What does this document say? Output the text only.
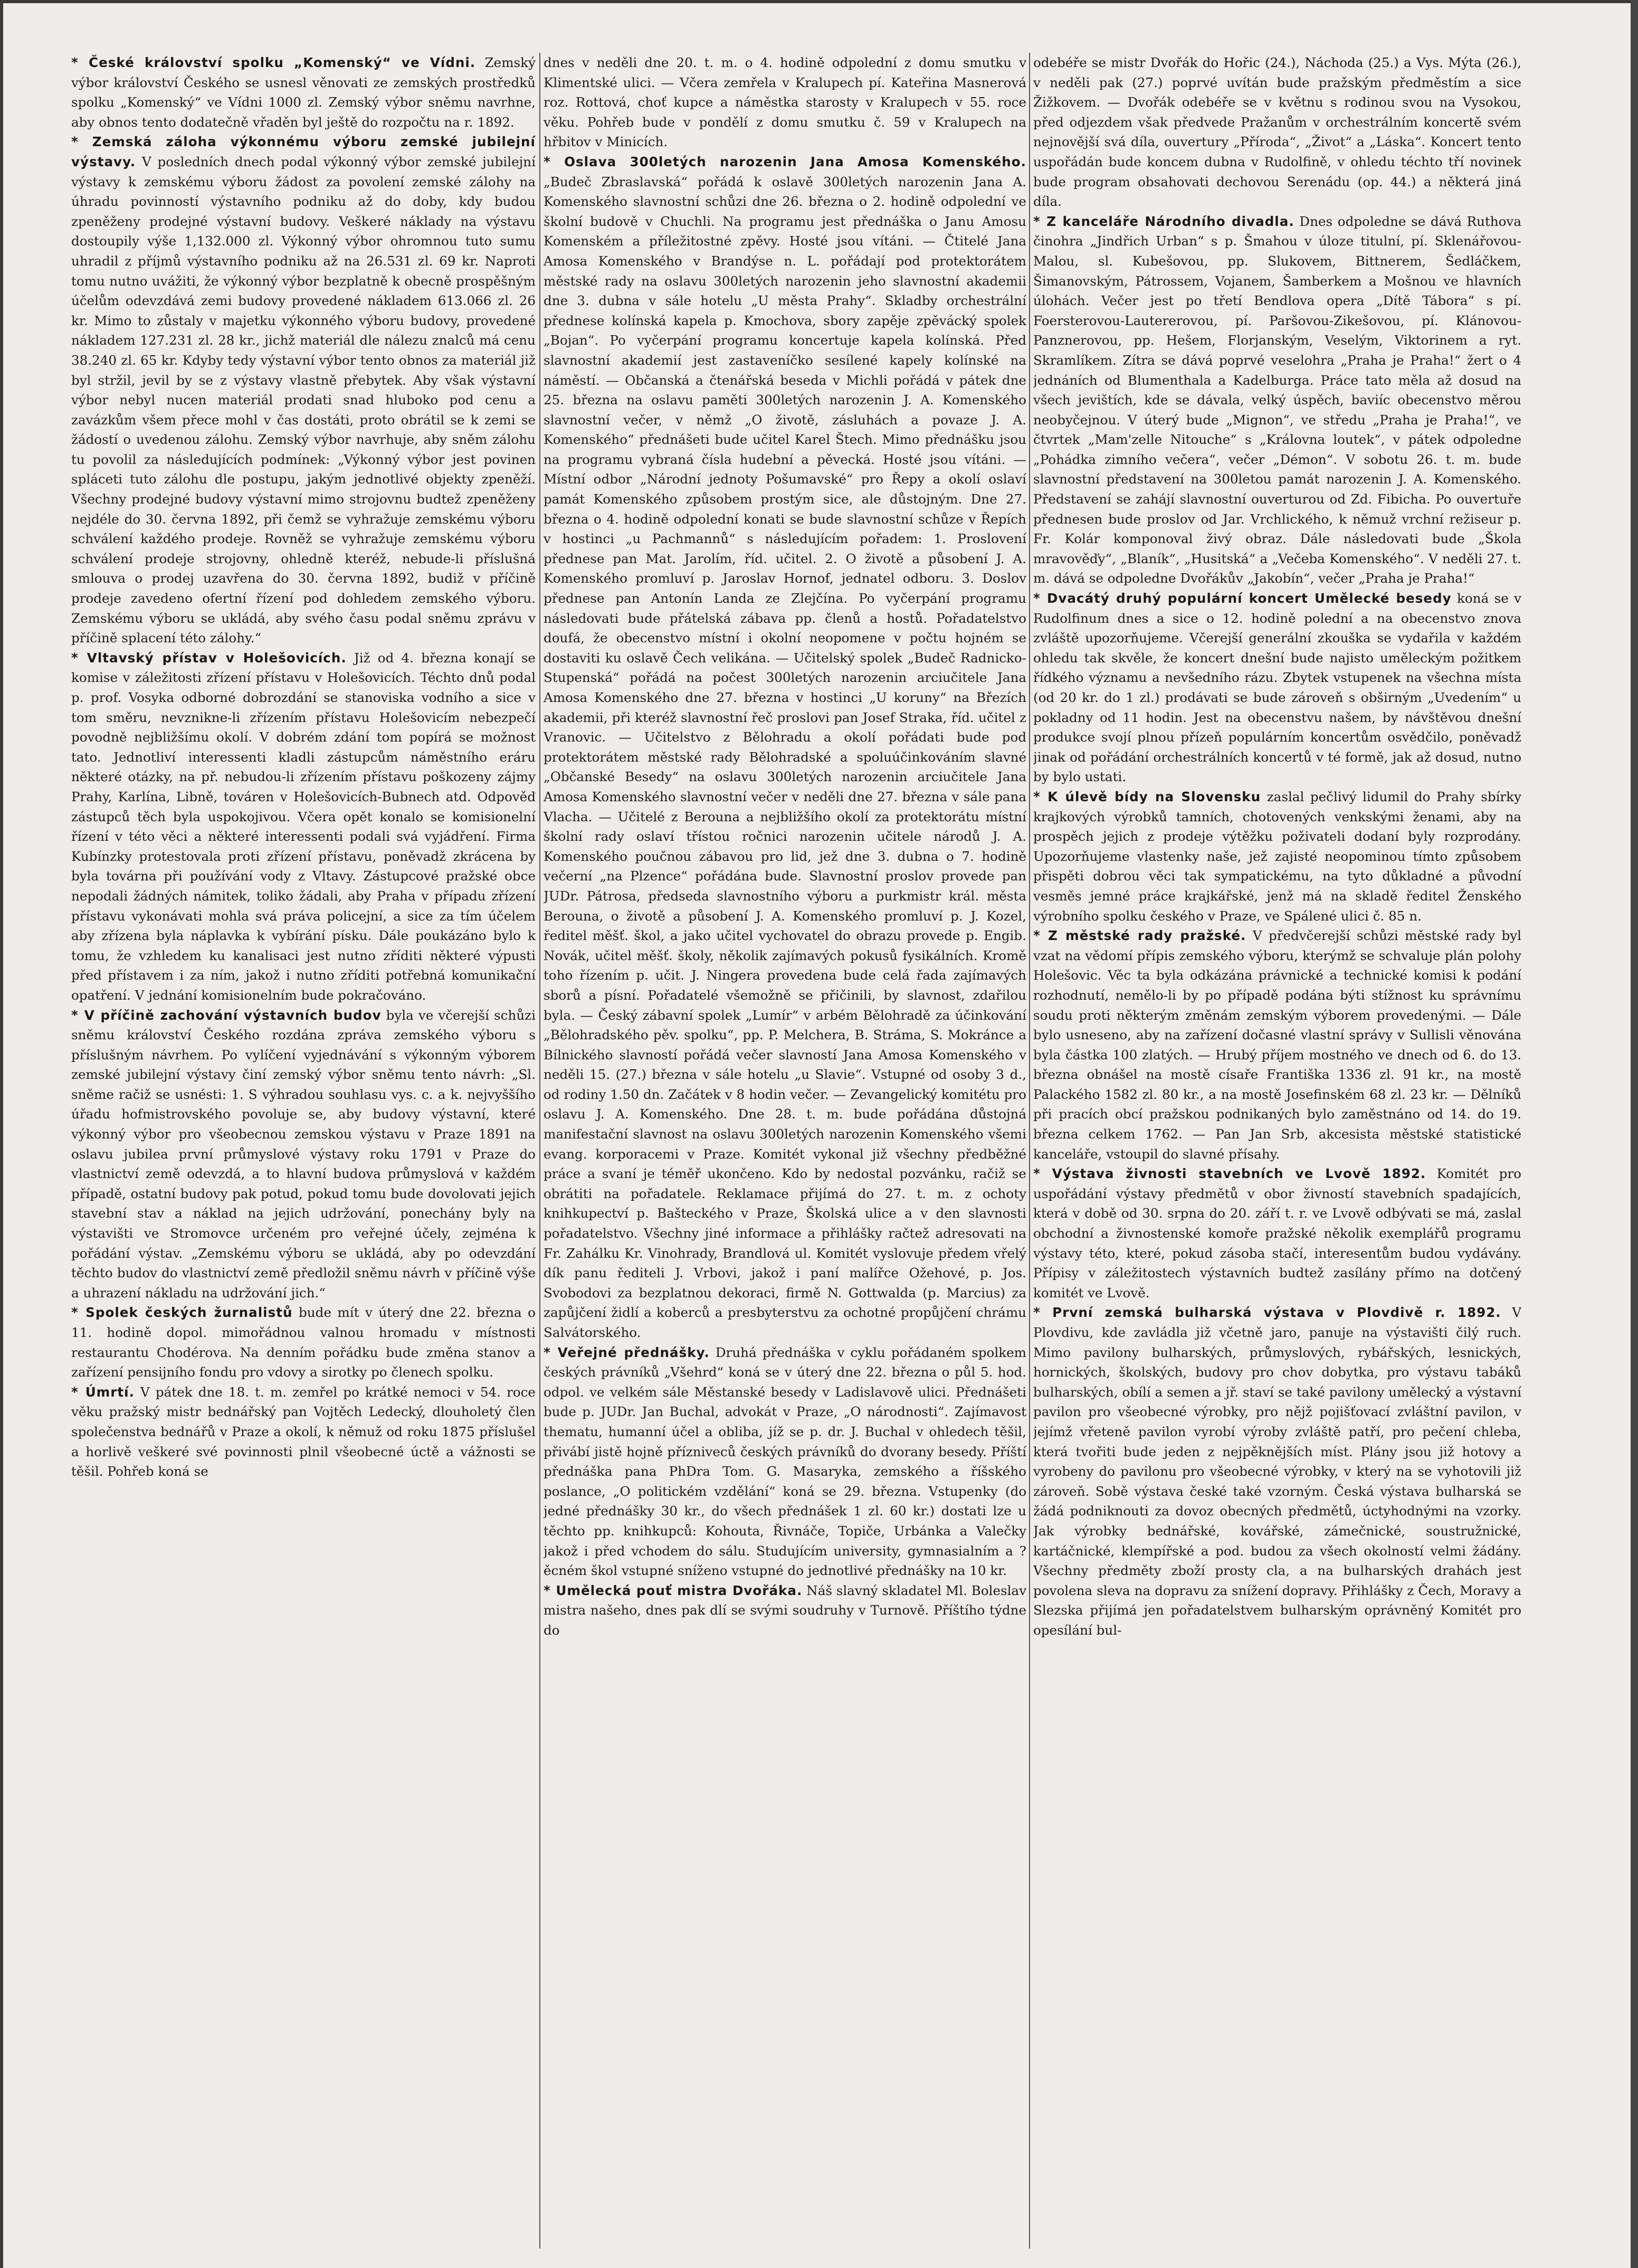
* České království spolku „Komenský“ ve Vídni. Zemský výbor království Českého se usnesl věnovati ze zemských prostředků spolku „Komenský“ ve Vídni 1000 zl. Zemský výbor sněmu navrhne, aby obnos tento dodatečně vřaděn byl ještě do rozpočtu na r. 1892.

* Zemská záloha výkonnému výboru zemské jubilejní výstavy. V posledních dnech podal výkonný výbor zemské jubilejní výstavy k zemskému výboru žádost za povolení zemské zálohy na úhradu povinností výstavního podniku až do doby, kdy budou zpeněženy prodejné výstavní budovy. Veškeré náklady na výstavu dostoupily výše 1,132.000 zl. Výkonný výbor ohromnou tuto sumu uhradil z příjmů výstavního podniku až na 26.531 zl. 69 kr. Naproti tomu nutno uvážiti, že výkonný výbor bezplatně k obecně prospěšným účelům odevzdává zemi budovy provedené nákladem 613.066 zl. 26 kr. Mimo to zůstaly v majetku výkonného výboru budovy, provedené nákladem 127.231 zl. 28 kr., jichž materiál dle nálezu znalců má cenu 38.240 zl. 65 kr. Kdyby tedy výstavní výbor tento obnos za materiál již byl stržil, jevil by se z výstavy vlastně přebytek. Aby však výstavní výbor nebyl nucen materiál prodati snad hluboko pod cenu a zavázkům všem přece mohl v čas dostáti, proto obrátil se k zemi se žádostí o uvedenou zálohu. Zemský výbor navrhuje, aby sněm zálohu tu povolil za následujících podmínek: „Výkonný výbor jest povinen spláceti tuto zálohu dle postupu, jakým jednotlivé objekty zpeněží. Všechny prodejné budovy výstavní mimo strojovnu budtež zpeněženy nejdéle do 30. června 1892, při čemž se vyhražuje zemskému výboru schválení každého prodeje. Rovněž se vyhražuje zemskému výboru schválení prodeje strojovny, ohledně kteréž, nebude-li příslušná smlouva o prodej uzavřena do 30. června 1892, budiž v příčině prodeje zavedeno ofertní řízení pod dohledem zemského výboru. Zemskému výboru se ukládá, aby svého času podal sněmu zprávu v příčině splacení této zálohy.“

* Vltavský přístav v Holešovicích. Již od 4. března konají se komise v záležitosti zřízení přístavu v Holešovicích. Téchto dnů podal p. prof. Vosyka odborné dobrozdání se stanoviska vodního a sice v tom směru, nevznikne-li zřízením přístavu Holešovicím nebezpečí povodně nejbližšímu okolí. V dobrém zdání tom popírá se možnost tato. Jednotliví interessenti kladli zástupcům náměstního eráru některé otázky, na př. nebudou-li zřízením přístavu poškozeny zájmy Prahy, Karlína, Libně, továren v Holešovicích-Bubnech atd. Odpověď zástupců těch byla uspokojivou. Včera opět konalo se komisionelní řízení v této věci a některé interessenti podali svá vyjádření. Firma Kubínzky protestovala proti zřízení přístavu, poněvadž zkrácena by byla továrna při používání vody z Vltavy. Zástupcové pražské obce nepodali žádných námitek, toliko žádali, aby Praha v případu zřízení přístavu vykonávati mohla svá práva policejní, a sice za tím účelem aby zřízena byla náplavka k vybírání písku. Dále poukázáno bylo k tomu, že vzhledem ku kanalisaci jest nutno zříditi některé výpusti před přístavem i za ním, jakož i nutno zříditi potřebná komunikační opatření. V jednání komisionelním bude pokračováno.

* V příčině zachování výstavních budov byla ve včerejší schůzi sněmu království Českého rozdána zpráva zemského výboru s příslušným návrhem. Po vylíčení vyjednávání s výkonným výborem zemské jubilejní výstavy činí zemský výbor sněmu tento návrh: „Sl. sněme račiž se usnésti: 1. S výhradou souhlasu vys. c. a k. nejvyššího úřadu hofmistrovského povoluje se, aby budovy výstavní, které výkonný výbor pro všeobecnou zemskou výstavu v Praze 1891 na oslavu jubilea první průmyslové výstavy roku 1791 v Praze do vlastnictví země odevzdá, a to hlavní budova průmyslová v každém případě, ostatní budovy pak potud, pokud tomu bude dovolovati jejich stavební stav a náklad na jejich udržování, ponechány byly na výstavišti ve Stromovce určeném pro veřejné účely, zejména k pořádání výstav. „Zemskému výboru se ukládá, aby po odevzdání těchto budov do vlastnictví země předložil sněmu návrh v příčině výše a uhrazení nákladu na udržování jich.“

* Spolek českých žurnalistů bude mít v úterý dne 22. března o 11. hodině dopol. mimořádnou valnou hromadu v místnosti restaurantu Chodérova. Na denním pořádku bude změna stanov a zařízení pensijního fondu pro vdovy a sirotky po členech spolku.

* Úmrtí. V pátek dne 18. t. m. zemřel po krátké nemoci v 54. roce věku pražský mistr bednářský pan Vojtěch Ledecký, dlouholetý člen společenstva bednářů v Praze a okolí, k němuž od roku 1875 příslušel a horlivě veškeré své povinnosti plnil všeobecné úctě a vážnosti se těšil. Pohřeb koná se

dnes v neděli dne 20. t. m. o 4. hodině odpolední z domu smutku v Klimentské ulici. — Včera zemřela v Kralupech pí. Kateřina Masnerová roz. Rottová, choť kupce a náměstka starosty v Kralupech v 55. roce věku. Pohřeb bude v pondělí z domu smutku č. 59 v Kralupech na hřbitov v Minicích.

* Oslava 300letých narozenin Jana Amosa Komenského. „Budeč Zbraslavská“ pořádá k oslavě 300letých narozenin Jana A. Komenského slavnostní schůzi dne 26. března o 2. hodině odpolední ve školní budově v Chuchli. Na programu jest přednáška o Janu Amosu Komenském a příležitostné zpěvy. Hosté jsou vítáni. — Čtitelé Jana Amosa Komenského v Brandýse n. L. pořádají pod protektorátem městské rady na oslavu 300letých narozenin jeho slavnostní akademii dne 3. dubna v sále hotelu „U města Prahy“. Skladby orchestrální přednese kolínská kapela p. Kmochova, sbory zapěje zpěvácký spolek „Bojan“. Po vyčerpání programu koncertuje kapela kolínská. Před slavnostní akademií jest zastaveníčko sesílené kapely kolínské na náměstí. — Občanská a čtenářská beseda v Michli pořádá v pátek dne 25. března na oslavu paměti 300letých narozenin J. A. Komenského slavnostní večer, v němž „O životě, zásluhách a povaze J. A. Komenského“ přednášeti bude učitel Karel Štech. Mimo přednášku jsou na programu vybraná čísla hudební a pěvecká. Hosté jsou vítáni. — Místní odbor „Národní jednoty Pošumavské“ pro Řepy a okolí oslaví památ Komenského způsobem prostým sice, ale důstojným. Dne 27. března o 4. hodině odpolední konati se bude slavnostní schůze v Řepích v hostinci „u Pachmannů“ s následujícím pořadem: 1. Proslovení přednese pan Mat. Jarolím, říd. učitel. 2. O životě a působení J. A. Komenského promluví p. Jaroslav Hornof, jednatel odboru. 3. Doslov přednese pan Antonín Landa ze Zlejčína. Po vyčerpání programu následovati bude přátelská zábava pp. členů a hostů. Pořadatelstvo doufá, že obecenstvo místní i okolní neopomene v počtu hojném se dostaviti ku oslavě Čech velikána. — Učitelský spolek „Budeč Radnicko-Stupenská“ pořádá na počest 300letých narozenin arciučitele Jana Amosa Komenského dne 27. března v hostinci „U koruny“ na Březích akademii, při kteréž slavnostní řeč proslovi pan Josef Straka, říd. učitel z Vranovic. — Učitelstvo z Bělohradu a okolí pořádati bude pod protektorátem městské rady Bělohradské a spoluúčinkováním slavné „Občanské Besedy“ na oslavu 300letých narozenin arciučitele Jana Amosa Komenského slavnostní večer v neděli dne 27. března v sále pana Vlacha. — Učitelé z Berouna a nejbližšího okolí za protektorátu místní školní rady oslaví třístou ročnici narozenin učitele národů J. A. Komenského poučnou zábavou pro lid, jež dne 3. dubna o 7. hodině večerní „na Plzence“ pořádána bude. Slavnostní proslov provede pan JUDr. Pátrosa, předseda slavnostního výboru a purkmistr král. města Berouna, o životě a působení J. A. Komenského promluví p. J. Kozel, ředitel měšť. škol, a jako učitel vychovatel do obrazu provede p. Engib. Novák, učitel měšť. školy, několik zajímavých pokusů fysikálních. Kromě toho řízením p. učit. J. Ningera provedena bude celá řada zajímavých sborů a písní. Pořadatelé všemožně se přičinili, by slavnost, zdařilou byla. — Český zábavní spolek „Lumír“ v arbém Bělohradě za účinkování „Bělohradského pěv. spolku“, pp. P. Melchera, B. Stráma, S. Mokránce a Bílnického slavností pořádá večer slavností Jana Amosa Komenského v neděli 15. (27.) března v sále hotelu „u Slavie“. Vstupné od osoby 3 d., od rodiny 1.50 dn. Začátek v 8 hodin večer. — Zevangelický komitétu pro oslavu J. A. Komenského. Dne 28. t. m. bude pořádána důstojná manifestační slavnost na oslavu 300letých narozenin Komenského všemi evang. korporacemi v Praze. Komitét vykonal již všechny předběžné práce a svaní je téměř ukončeno. Kdo by nedostal pozvánku, račiž se obrátiti na pořadatele. Reklamace přijímá do 27. t. m. z ochoty knihkupectví p. Bašteckého v Praze, Školská ulice a v den slavnosti pořadatelstvo. Všechny jiné informace a přihlášky račtež adresovati na Fr. Zahálku Kr. Vinohrady, Brandlová ul. Komitét vyslovuje předem vřelý dík panu řediteli J. Vrbovi, jakož i paní malířce Ožehové, p. Jos. Svobodovi za bezplatnou dekoraci, firmě N. Gottwalda (p. Marcius) za zapůjčení židlí a koberců a presbyterstvu za ochotné propůjčení chrámu Salvátorského.

* Veřejné přednášky. Druhá přednáška v cyklu pořádaném spolkem českých právníků „Všehrd“ koná se v úterý dne 22. března o půl 5. hod. odpol. ve velkém sále Městanské besedy v Ladislavově ulici. Přednášeti bude p. JUDr. Jan Buchal, advokát v Praze, „O národnosti“. Zajímavost thematu, humanní účel a obliba, jíž se p. dr. J. Buchal v ohledech těšil, přivábí jistě hojně přízniveců českých právníků do dvorany besedy. Příští přednáška pana PhDra Tom. G. Masaryka, zemského a říšského poslance, „O politickém vzdělání“ koná se 29. března. Vstupenky (do jedné přednášky 30 kr., do všech přednášek 1 zl. 60 kr.) dostati lze u těchto pp. knihkupců: Kohouta, Řivnáče, Topiče, Urbánka a Valečky jakož i před vchodem do sálu. Studujícím university, gymnasialním a ?ěcném škol vstupné sníženo vstupné do jednotlivé přednášky na 10 kr.

* Umělecká pouť mistra Dvořáka. Náš slavný skladatel Ml. Boleslav mistra našeho, dnes pak dlí se svými soudruhy v Turnově. Příštího týdne do

odebéře se mistr Dvořák do Hořic (24.), Náchoda (25.) a Vys. Mýta (26.), v neděli pak (27.) poprvé uvítán bude pražským předměstím a sice Žižkovem. — Dvořák odebéře se v květnu s rodinou svou na Vysokou, před odjezdem však předvede Pražanům v orchestrálním koncertě svém nejnovější svá díla, ouvertury „Příroda“, „Život“ a „Láska“. Koncert tento uspořádán bude koncem dubna v Rudolfině, v ohledu téchto tří novinek bude program obsahovati dechovou Serenádu (op. 44.) a některá jiná díla.

* Z kanceláře Národního divadla. Dnes odpoledne se dává Ruthova činohra „Jindřich Urban“ s p. Šmahou v úloze titulní, pí. Sklenářovou-Malou, sl. Kubešovou, pp. Slukovem, Bittnerem, Šedláčkem, Šimanovským, Pátrossem, Vojanem, Šamberkem a Mošnou ve hlavních úlohách. Večer jest po třetí Bendlova opera „Dítě Tábora“ s pí. Foersterovou-Lautererovou, pí. Paršovou-Zikešovou, pí. Klánovou-Panznerovou, pp. Hešem, Florjanským, Veselým, Viktorinem a ryt. Skramlíkem. Zítra se dává poprvé veselohra „Praha je Praha!“ žert o 4 jednáních od Blumenthala a Kadelburga. Práce tato měla až dosud na všech jevištích, kde se dávala, velký úspěch, baviíc obecenstvo měrou neobyčejnou. V úterý bude „Mignon“, ve středu „Praha je Praha!“, ve čtvrtek „Mam'zelle Nitouche“ s „Královna loutek“, v pátek odpoledne „Pohádka zimního večera“, večer „Démon“. V sobotu 26. t. m. bude slavnostní představení na 300letou památ narozenin J. A. Komenského. Představení se zahájí slavnostní ouverturou od Zd. Fibicha. Po ouvertuře přednesen bude proslov od Jar. Vrchlického, k němuž vrchní režiseur p. Fr. Kolár komponoval živý obraz. Dále následovati bude „Škola mravověďy“, „Blaník“, „Husitská“ a „Večeba Komenského“. V neděli 27. t. m. dává se odpoledne Dvořákův „Jakobín“, večer „Praha je Praha!“

* Dvacátý druhý populární koncert Umělecké besedy koná se v Rudolfinum dnes a sice o 12. hodině polední a na obecenstvo znova zvláště upozorňujeme. Včerejší generální zkouška se vydařila v každém ohledu tak skvěle, že koncert dnešní bude najisto uměleckým požitkem řídkého významu a nevšedního rázu. Zbytek vstupenek na všechna místa (od 20 kr. do 1 zl.) prodávati se bude zároveň s obširným „Uvedením“ u pokladny od 11 hodin. Jest na obecenstvu našem, by návštěvou dnešní produkce svojí plnou přízeň populárním koncertům osvědčilo, poněvadž jinak od pořádání orchestrálních koncertů v té formě, jak až dosud, nutno by bylo ustati.

* K úlevě bídy na Slovensku zaslal pečlivý lidumil do Prahy sbírky krajkových výrobků tamních, chotovených venkskými ženami, aby na prospěch jejich z prodeje výtěžku poživateli dodaní byly rozprodány. Upozorňujeme vlastenky naše, jež zajisté neopominou tímto způsobem přispěti dobrou věci tak sympatickému, na tyto důkladné a původní vesměs jemné práce krajkářské, jenž má na skladě ředitel Ženského výrobního spolku českého v Praze, ve Spálené ulici č. 85 n.

* Z městské rady pražské. V předvčerejší schůzi městské rady byl vzat na vědomí přípis zemského výboru, kterýmž se schvaluje plán polohy Holešovic. Věc ta byla odkázána právnické a technické komisi k podání rozhodnutí, nemělo-li by po případě podána býti stížnost ku správnímu soudu proti některým změnám zemským výborem provedenými. — Dále bylo usneseno, aby na zařízení dočasné vlastní správy v Sullisli věnována byla částka 100 zlatých. — Hrubý příjem mostného ve dnech od 6. do 13. března obnášel na mostě císaře Františka 1336 zl. 91 kr., na mostě Palackého 1582 zl. 80 kr., a na mostě Josefinském 68 zl. 23 kr. — Dělníků při pracích obcí pražskou podnikaných bylo zaměstnáno od 14. do 19. března celkem 1762. — Pan Jan Srb, akcesista městské statistické kanceláře, vstoupil do slavné přísahy.

* Výstava živnosti stavebních ve Lvově 1892. Komitét pro uspořádání výstavy předmětů v obor živností stavebních spadajících, která v době od 30. srpna do 20. září t. r. ve Lvově odbývati se má, zaslal obchodní a živnostenské komoře pražské několik exemplářů programu výstavy této, které, pokud zásoba stačí, interesentům budou vydávány. Přípisy v záležitostech výstavních budtež zasílány přímo na dotčený komitét ve Lvově.

* První zemská bulharská výstava v Plovdivě r. 1892. V Plovdivu, kde zavládla již včetně jaro, panuje na výstavišti čilý ruch. Mimo pavilony bulharských, průmyslových, rybářských, lesnických, hornických, školských, budovy pro chov dobytka, pro výstavu tabáků bulharských, obílí a semen a jř. staví se také pavilony umělecký a výstavní pavilon pro všeobecné výrobky, pro nějž pojišťovací zvláštní pavilon, v jejímž vřeteně pavilon vyrobí výroby zvláště patří, pro pečení chleba, která tvořiti bude jeden z nejpěknějších míst. Plány jsou již hotovy a vyrobeny do pavilonu pro všeobecné výrobky, v který na se vyhotovili již zároveň. Sobě výstava české také vzorným. Česká výstava bulharská se žádá podniknouti za dovoz obecných předmětů, úctyhodnými na vzorky. Jak výrobky bednářské, kovářské, zámečnické, soustružnické, kartáčnické, klempířské a pod. budou za všech okolností velmi žádány. Všechny předměty zboží prosty cla, a na bulharských drahách jest povolena sleva na dopravu za snížení dopravy. Přihlášky z Čech, Moravy a Slezska přijímá jen pořadatelstvem bulharským oprávněný Komitét pro opesílání bul-
